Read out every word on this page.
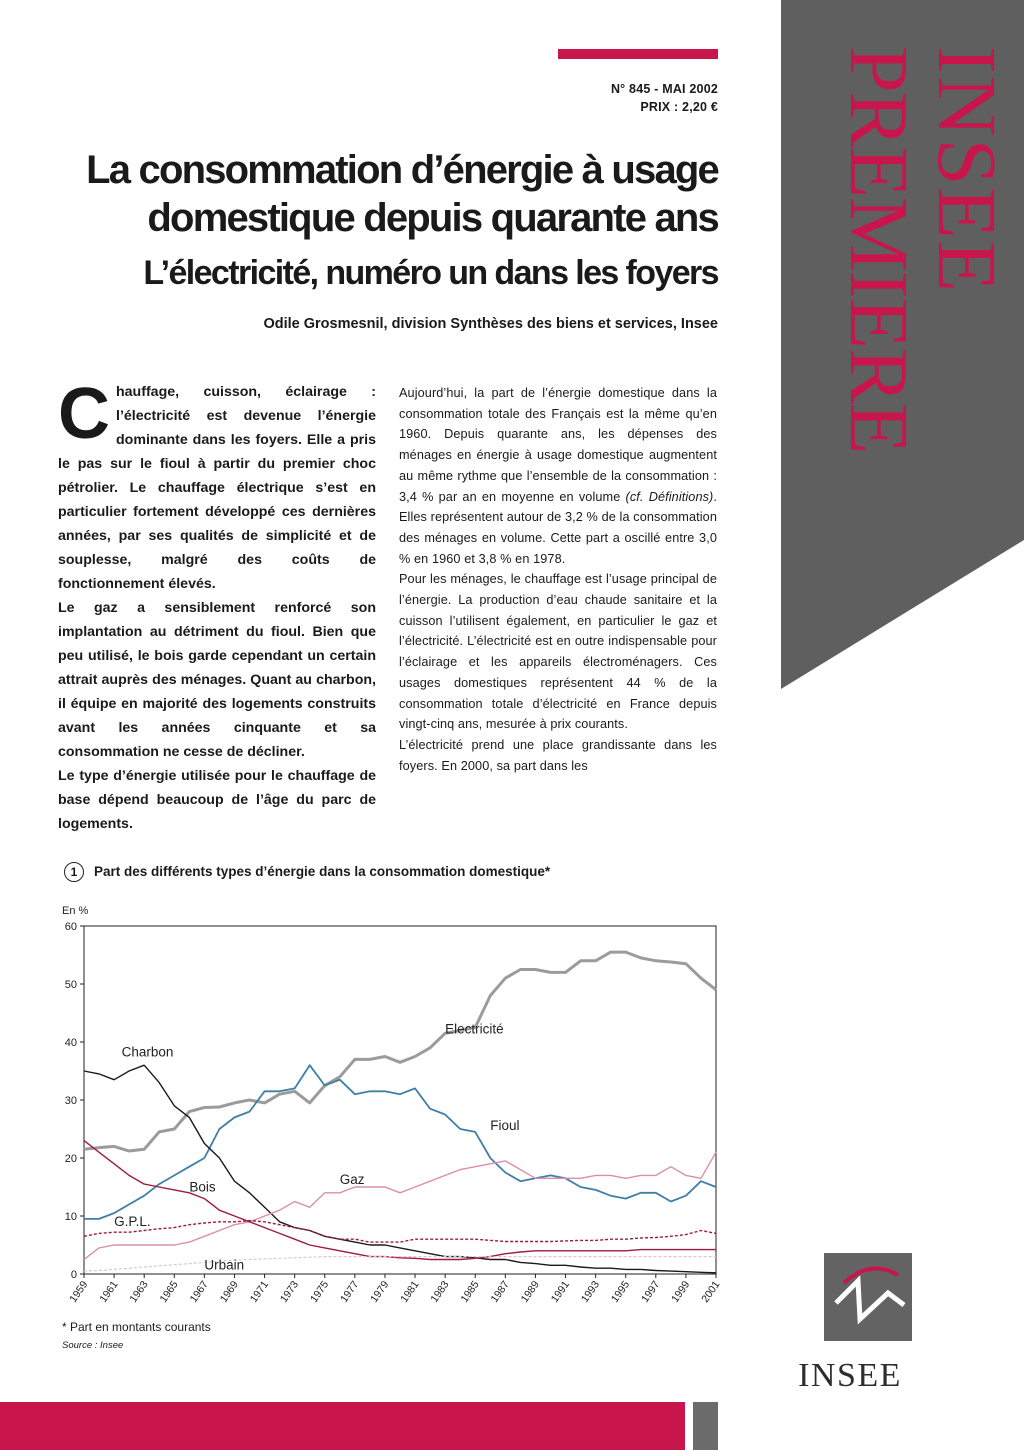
N° 845 - MAI 2002
PRIX : 2,20 €
La consommation d’énergie à usage domestique depuis quarante ans
L’électricité, numéro un dans les foyers
Odile Grosmesnil, division Synthèses des biens et services, Insee
INSEE
PREMIERE

Chauffage, cuisson, éclairage : l’électricité est devenue l’énergie dominante dans les foyers. Elle a pris le pas sur le fioul à partir du premier choc pétrolier. Le chauffage électrique s’est en particulier fortement développé ces dernières années, par ses qualités de simplicité et de souplesse, malgré des coûts de fonctionnement élevés.

Le gaz a sensiblement renforcé son implantation au détriment du fioul. Bien que peu utilisé, le bois garde cependant un certain attrait auprès des ménages. Quant au charbon, il équipe en majorité des logements construits avant les années cinquante et sa consommation ne cesse de décliner.

Le type d’énergie utilisée pour le chauffage de base dépend beaucoup de l’âge du parc de logements.

Aujourd’hui, la part de l’énergie domestique dans la consommation totale des Français est la même qu’en 1960. Depuis quarante ans, les dépenses des ménages en énergie à usage domestique augmentent au même rythme que l’ensemble de la consommation : 3,4 % par an en moyenne en volume (cf. Définitions). Elles représentent autour de 3,2 % de la consommation des ménages en volume. Cette part a oscillé entre 3,0 % en 1960 et 3,8 % en 1978.

Pour les ménages, le chauffage est l’usage principal de l’énergie. La production d’eau chaude sanitaire et la cuisson l’utilisent également, en particulier le gaz et l’électricité. L’électricité est en outre indispensable pour l’éclairage et les appareils électroménagers. Ces usages domestiques représentent 44 % de la consommation totale d’électricité en France depuis vingt-cinq ans, mesurée à prix courants.

L’électricité prend une place grandissante dans les foyers. En 2000, sa part dans les

1 Part des différents types d’énergie dans la consommation domestique*
En %
0
10
20
30
40
50
60
1959 1961 1963 1965 1967 1969 1971 1973 1975 1977 1979 1981 1983 1985 1987 1989 1991 1993 1995 1997 1999 2001
Electricité
Fioul
Charbon
Gaz
Bois
G.P.L.
Urbain
* Part en montants courants
Source : Insee
INSEE
